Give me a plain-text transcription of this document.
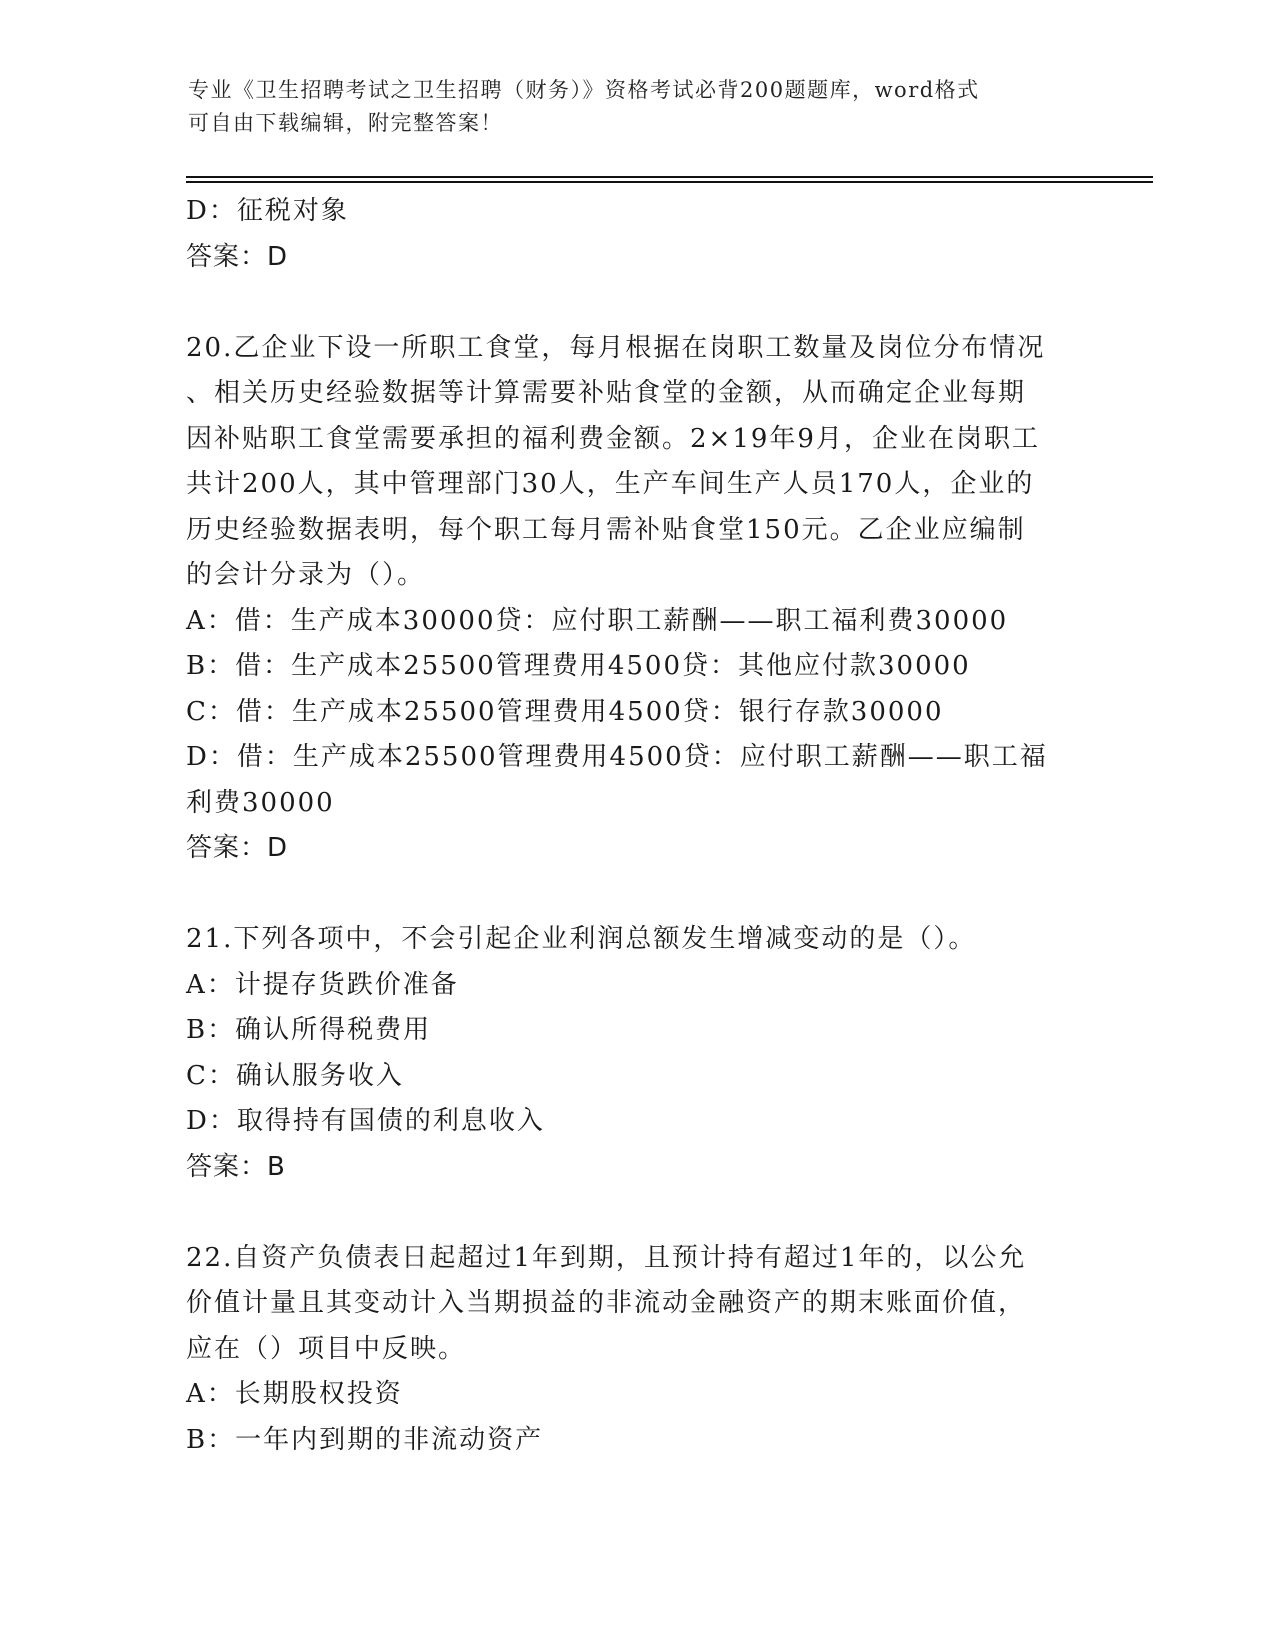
专业《卫生招聘考试之卫生招聘（财务）》资格考试必背200题题库，word格式
可自由下载编辑，附完整答案！
D：征税对象
答案：D
20.乙企业下设一所职工食堂，每月根据在岗职工数量及岗位分布情况
、相关历史经验数据等计算需要补贴食堂的金额，从而确定企业每期
因补贴职工食堂需要承担的福利费金额。2×19年9月，企业在岗职工
共计200人，其中管理部门30人，生产车间生产人员170人，企业的
历史经验数据表明，每个职工每月需补贴食堂150元。乙企业应编制
的会计分录为（）。
A：借：生产成本30000贷：应付职工薪酬——职工福利费30000
B：借：生产成本25500管理费用4500贷：其他应付款30000
C：借：生产成本25500管理费用4500贷：银行存款30000
D：借：生产成本25500管理费用4500贷：应付职工薪酬——职工福
利费30000
答案：D
21.下列各项中，不会引起企业利润总额发生增减变动的是（）。
A：计提存货跌价准备
B：确认所得税费用
C：确认服务收入
D：取得持有国债的利息收入
答案：B
22.自资产负债表日起超过1年到期，且预计持有超过1年的，以公允
价值计量且其变动计入当期损益的非流动金融资产的期末账面价值，
应在（）项目中反映。
A：长期股权投资
B：一年内到期的非流动资产
